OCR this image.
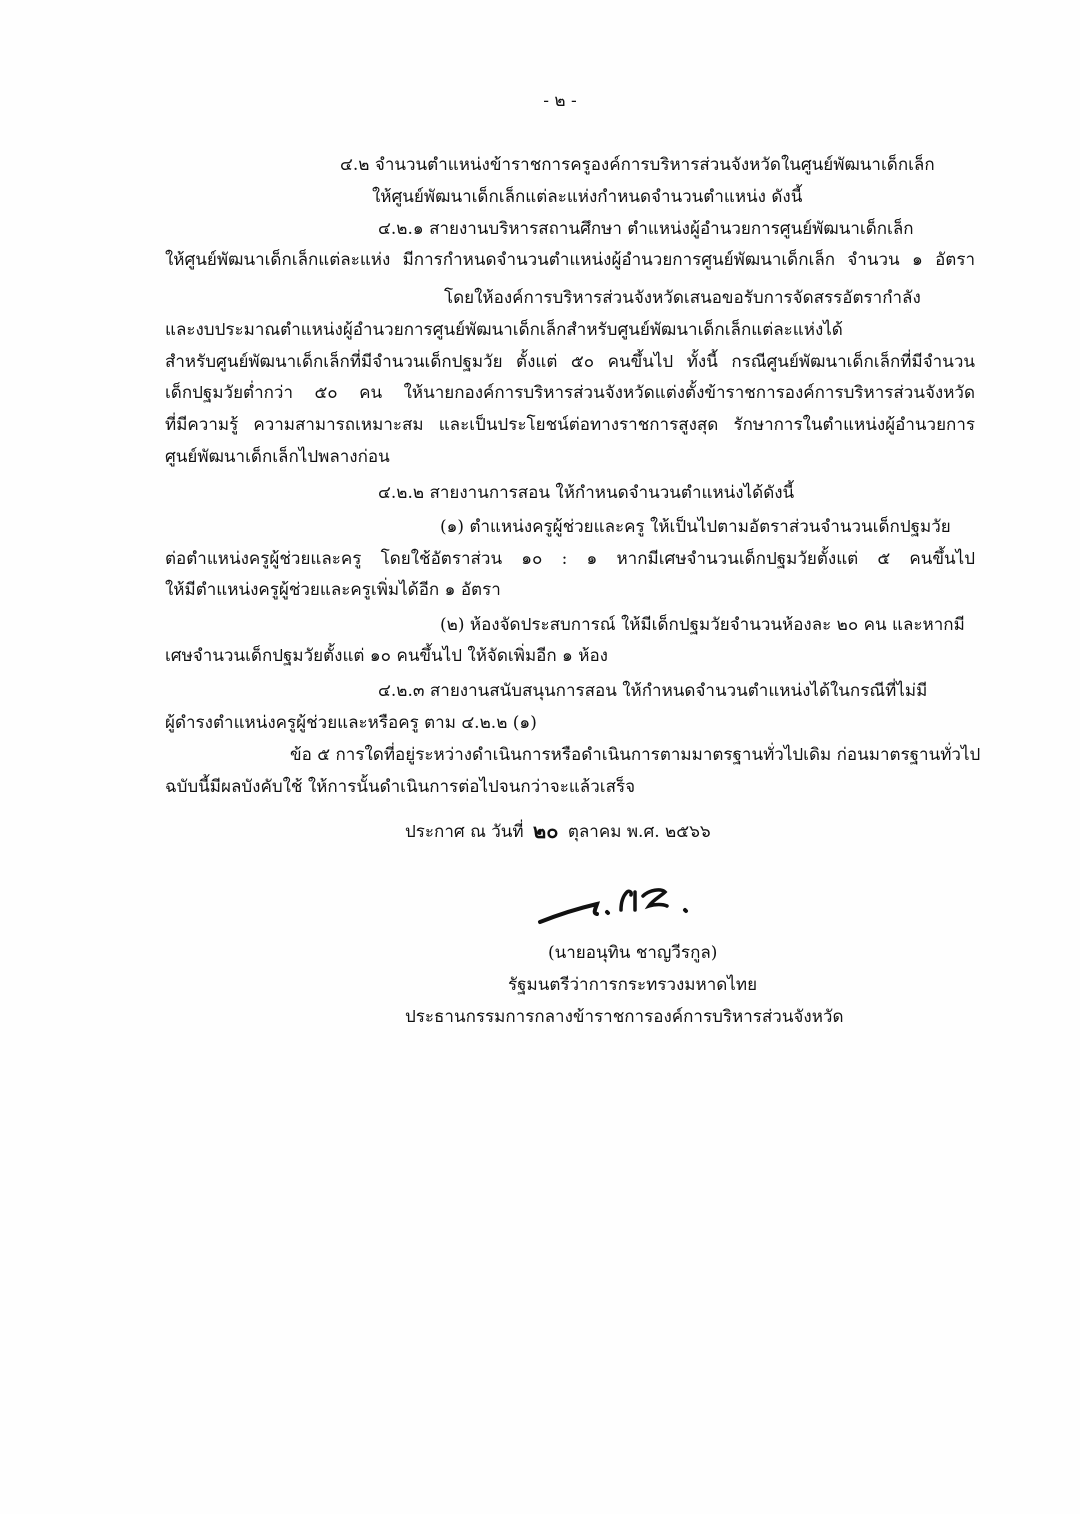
- ๒ -
๔.๒ จำนวนตำแหน่งข้าราชการครูองค์การบริหารส่วนจังหวัดในศูนย์พัฒนาเด็กเล็ก
ให้ศูนย์พัฒนาเด็กเล็กแต่ละแห่งกำหนดจำนวนตำแหน่ง ดังนี้
๔.๒.๑ สายงานบริหารสถานศึกษา ตำแหน่งผู้อำนวยการศูนย์พัฒนาเด็กเล็ก
ให้ศูนย์พัฒนาเด็กเล็กแต่ละแห่ง มีการกำหนดจำนวนตำแหน่งผู้อำนวยการศูนย์พัฒนาเด็กเล็ก จำนวน ๑ อัตรา
โดยให้องค์การบริหารส่วนจังหวัดเสนอขอรับการจัดสรรอัตรากำลัง
และงบประมาณตำแหน่งผู้อำนวยการศูนย์พัฒนาเด็กเล็กสำหรับศูนย์พัฒนาเด็กเล็กแต่ละแห่งได้
สำหรับศูนย์พัฒนาเด็กเล็กที่มีจำนวนเด็กปฐมวัย ตั้งแต่ ๕๐ คนขึ้นไป ทั้งนี้ กรณีศูนย์พัฒนาเด็กเล็กที่มีจำนวน
เด็กปฐมวัยต่ำกว่า ๕๐ คน ให้นายกองค์การบริหารส่วนจังหวัดแต่งตั้งข้าราชการองค์การบริหารส่วนจังหวัด
ที่มีความรู้ ความสามารถเหมาะสม และเป็นประโยชน์ต่อทางราชการสูงสุด รักษาการในตำแหน่งผู้อำนวยการ
ศูนย์พัฒนาเด็กเล็กไปพลางก่อน
๔.๒.๒ สายงานการสอน ให้กำหนดจำนวนตำแหน่งได้ดังนี้
(๑) ตำแหน่งครูผู้ช่วยและครู ให้เป็นไปตามอัตราส่วนจำนวนเด็กปฐมวัย
ต่อตำแหน่งครูผู้ช่วยและครู โดยใช้อัตราส่วน ๑๐ : ๑ หากมีเศษจำนวนเด็กปฐมวัยตั้งแต่ ๕ คนขึ้นไป
ให้มีตำแหน่งครูผู้ช่วยและครูเพิ่มได้อีก ๑ อัตรา
(๒) ห้องจัดประสบการณ์ ให้มีเด็กปฐมวัยจำนวนห้องละ ๒๐ คน และหากมี
เศษจำนวนเด็กปฐมวัยตั้งแต่ ๑๐ คนขึ้นไป ให้จัดเพิ่มอีก ๑ ห้อง
๔.๒.๓ สายงานสนับสนุนการสอน ให้กำหนดจำนวนตำแหน่งได้ในกรณีที่ไม่มี
ผู้ดำรงตำแหน่งครูผู้ช่วยและหรือครู ตาม ๔.๒.๒ (๑)
ข้อ ๕ การใดที่อยู่ระหว่างดำเนินการหรือดำเนินการตามมาตรฐานทั่วไปเดิม ก่อนมาตรฐานทั่วไป
ฉบับนี้มีผลบังคับใช้ ให้การนั้นดำเนินการต่อไปจนกว่าจะแล้วเสร็จ
ประกาศ ณ วันที่ ๒๐ ตุลาคม พ.ศ. ๒๕๖๖
(นายอนุทิน ชาญวีรกูล)
รัฐมนตรีว่าการกระทรวงมหาดไทย
ประธานกรรมการกลางข้าราชการองค์การบริหารส่วนจังหวัด
